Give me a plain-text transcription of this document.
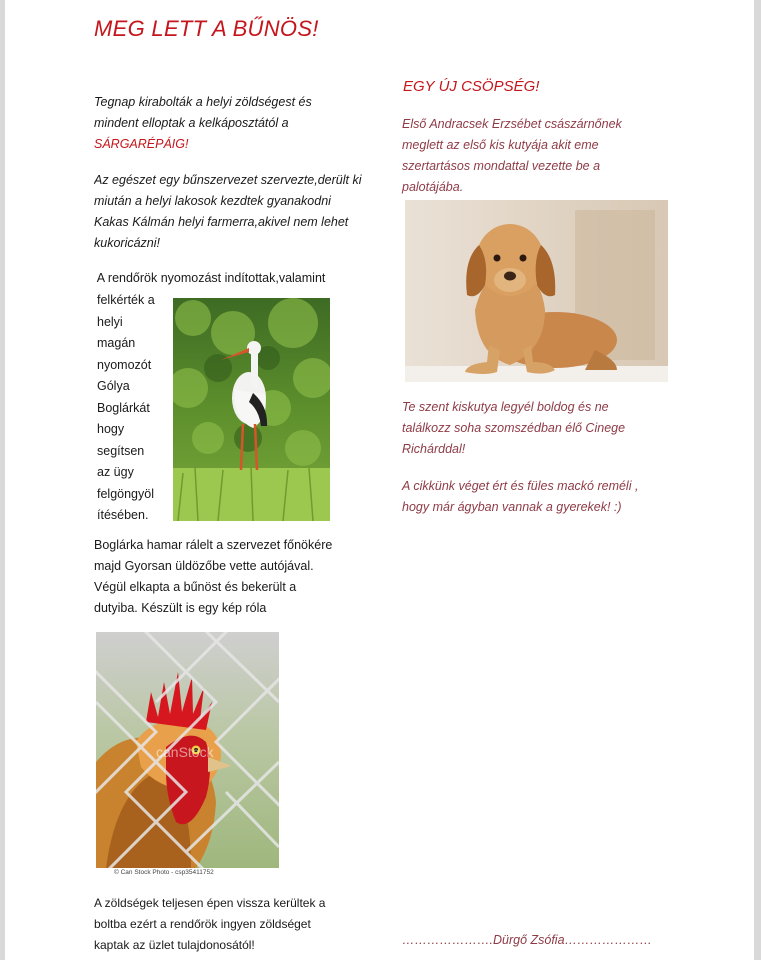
MEG LETT A BŰNÖS!
Tegnap kirabolták a helyi zöldségest és
mindent elloptak a kelkáposztától a
SÁRGARÉPÁIG!
Az egészet egy bűnszervezet szervezte,derült ki
miután a helyi lakosok kezdtek gyanakodni
Kakas Kálmán helyi farmerra,akivel nem lehet
kukoricázni!
A rendőrök nyomozást indítottak,valamint
felkérték a
helyi
magán
nyomozót
Gólya
Boglárkát
hogy
segítsen
az ügy
felgöngyöl
ítésében.
Boglárka hamar rálelt a szervezet főnökére
majd Gyorsan üldözőbe vette autójával.
Végül elkapta a bűnöst és bekerült a
dutyiba. Készült is egy kép róla
canStock
© Can Stock Photo - csp35411752
A zöldségek teljesen épen vissza kerültek a
boltba ezért a rendőrök ingyen zöldséget
kaptak az üzlet tulajdonosától!
EGY ÚJ CSÖPSÉG!
Első Andracsek Erzsébet császárnőnek
meglett az első kis kutyája akit eme
szertartásos mondattal vezette be a
palotájába.
Te szent kiskutya legyél boldog és ne
találkozz soha szomszédban élő Cinege
Richárddal!
A cikkünk véget ért és füles mackó reméli ,
hogy már ágyban vannak a gyerekek! :)
………………….Dürgő Zsófia…………………
